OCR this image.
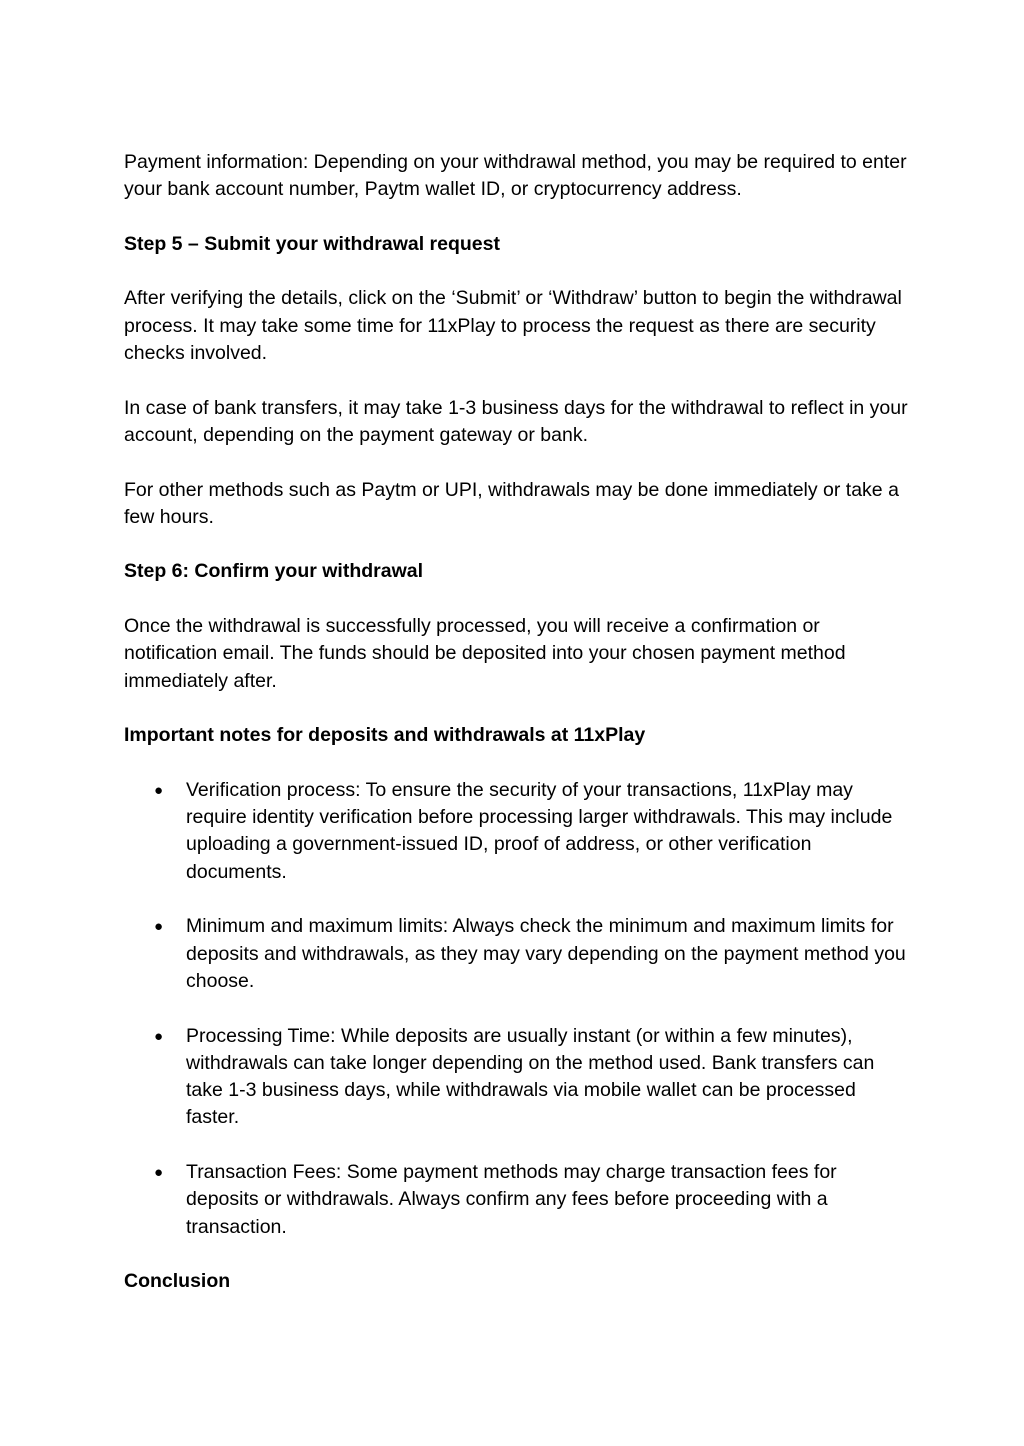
Payment information: Depending on your withdrawal method, you may be required to enter your bank account number, Paytm wallet ID, or cryptocurrency address.

Step 5 – Submit your withdrawal request

After verifying the details, click on the ‘Submit’ or ‘Withdraw’ button to begin the withdrawal process. It may take some time for 11xPlay to process the request as there are security checks involved.

In case of bank transfers, it may take 1-3 business days for the withdrawal to reflect in your account, depending on the payment gateway or bank.

For other methods such as Paytm or UPI, withdrawals may be done immediately or take a few hours.

Step 6: Confirm your withdrawal

Once the withdrawal is successfully processed, you will receive a confirmation or notification email. The funds should be deposited into your chosen payment method immediately after.

Important notes for deposits and withdrawals at 11xPlay

● Verification process: To ensure the security of your transactions, 11xPlay may require identity verification before processing larger withdrawals. This may include uploading a government-issued ID, proof of address, or other verification documents.
● Minimum and maximum limits: Always check the minimum and maximum limits for deposits and withdrawals, as they may vary depending on the payment method you choose.
● Processing Time: While deposits are usually instant (or within a few minutes), withdrawals can take longer depending on the method used. Bank transfers can take 1-3 business days, while withdrawals via mobile wallet can be processed faster.
● Transaction Fees: Some payment methods may charge transaction fees for deposits or withdrawals. Always confirm any fees before proceeding with a transaction.

Conclusion
